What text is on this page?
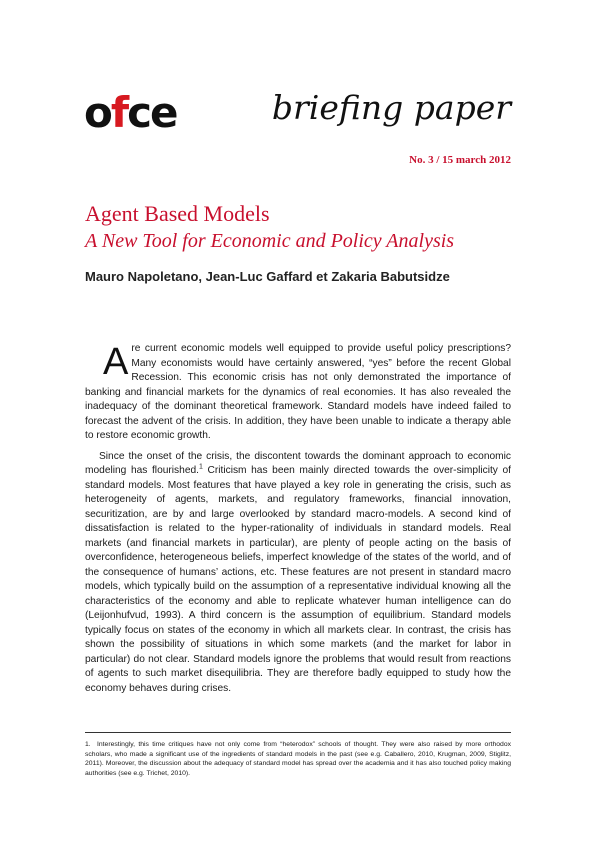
ofce	briefing paper
No. 3 / 15 march 2012
Agent Based Models
A New Tool for Economic and Policy Analysis
Mauro Napoletano, Jean-Luc Gaffard et Zakaria Babutsidze

Are current economic models well equipped to provide useful policy prescriptions? Many economists would have certainly answered, “yes” before the recent Global Recession. This economic crisis has not only demonstrated the importance of banking and financial markets for the dynamics of real economies. It has also revealed the inadequacy of the dominant theoretical framework. Standard models have indeed failed to forecast the advent of the crisis. In addition, they have been unable to indicate a therapy able to restore economic growth.

Since the onset of the crisis, the discontent towards the dominant approach to economic modeling has flourished.$^1$ Criticism has been mainly directed towards the over-simplicity of standard models. Most features that have played a key role in generating the crisis, such as heterogeneity of agents, markets, and regulatory frameworks, financial innovation, securitization, are by and large overlooked by standard macro-models. A second kind of dissatisfaction is related to the hyper-rationality of individuals in standard models. Real markets (and financial markets in particular), are plenty of people acting on the basis of overconfidence, heterogeneous beliefs, imperfect knowledge of the states of the world, and of the consequence of humans’ actions, etc. These features are not present in standard macro models, which typically build on the assumption of a representative individual knowing all the characteristics of the economy and able to replicate whatever human intelligence can do (Leijonhufvud, 1993). A third concern is the assumption of equilibrium. Standard models typically focus on states of the economy in which all markets clear. In contrast, the crisis has shown the possibility of situations in which some markets (and the market for labor in particular) do not clear. Standard models ignore the problems that would result from reactions of agents to such market disequilibria. They are therefore badly equipped to study how the economy behaves during crises.

1. Interestingly, this time critiques have not only come from “heterodox” schools of thought. They were also raised by more orthodox scholars, who made a significant use of the ingredients of standard models in the past (see e.g. Caballero, 2010, Krugman, 2009, Stiglitz, 2011). Moreover, the discussion about the adequacy of standard model has spread over the academia and it has also touched policy making authorities (see e.g. Trichet, 2010).
